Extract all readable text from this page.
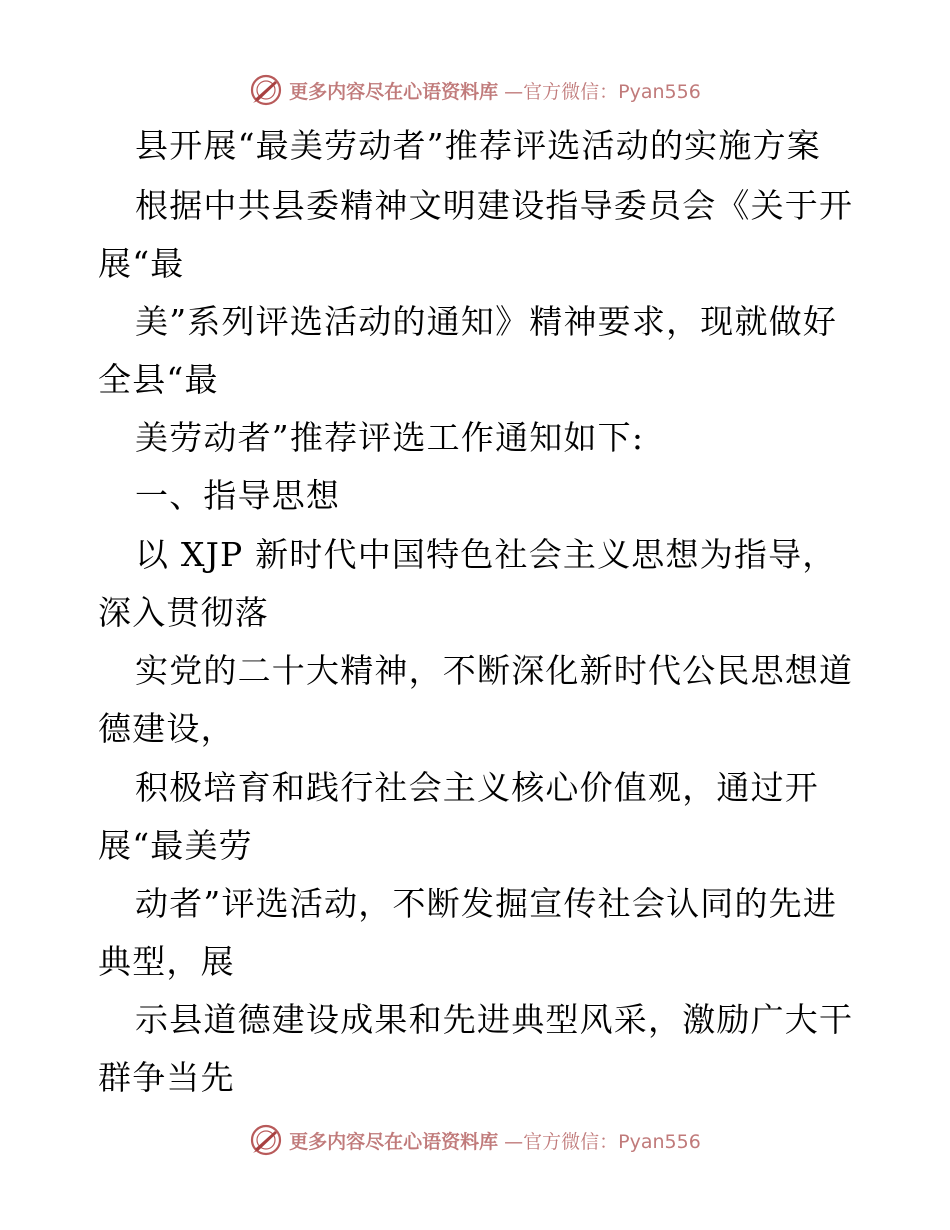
更多内容尽在心语资料库 —官方微信：Pyan556
县开展“最美劳动者”推荐评选活动的实施方案
根据中共县委精神文明建设指导委员会《关于开
展“最
美”系列评选活动的通知》精神要求，现就做好
全县“最
美劳动者”推荐评选工作通知如下:
一、指导思想
以 XJP 新时代中国特色社会主义思想为指导，
深入贯彻落
实党的二十大精神，不断深化新时代公民思想道
德建设，
积极培育和践行社会主义核心价值观，通过开
展“最美劳
动者”评选活动，不断发掘宣传社会认同的先进
典型，展
示县道德建设成果和先进典型风采，激励广大干
群争当先
更多内容尽在心语资料库 —官方微信：Pyan556
